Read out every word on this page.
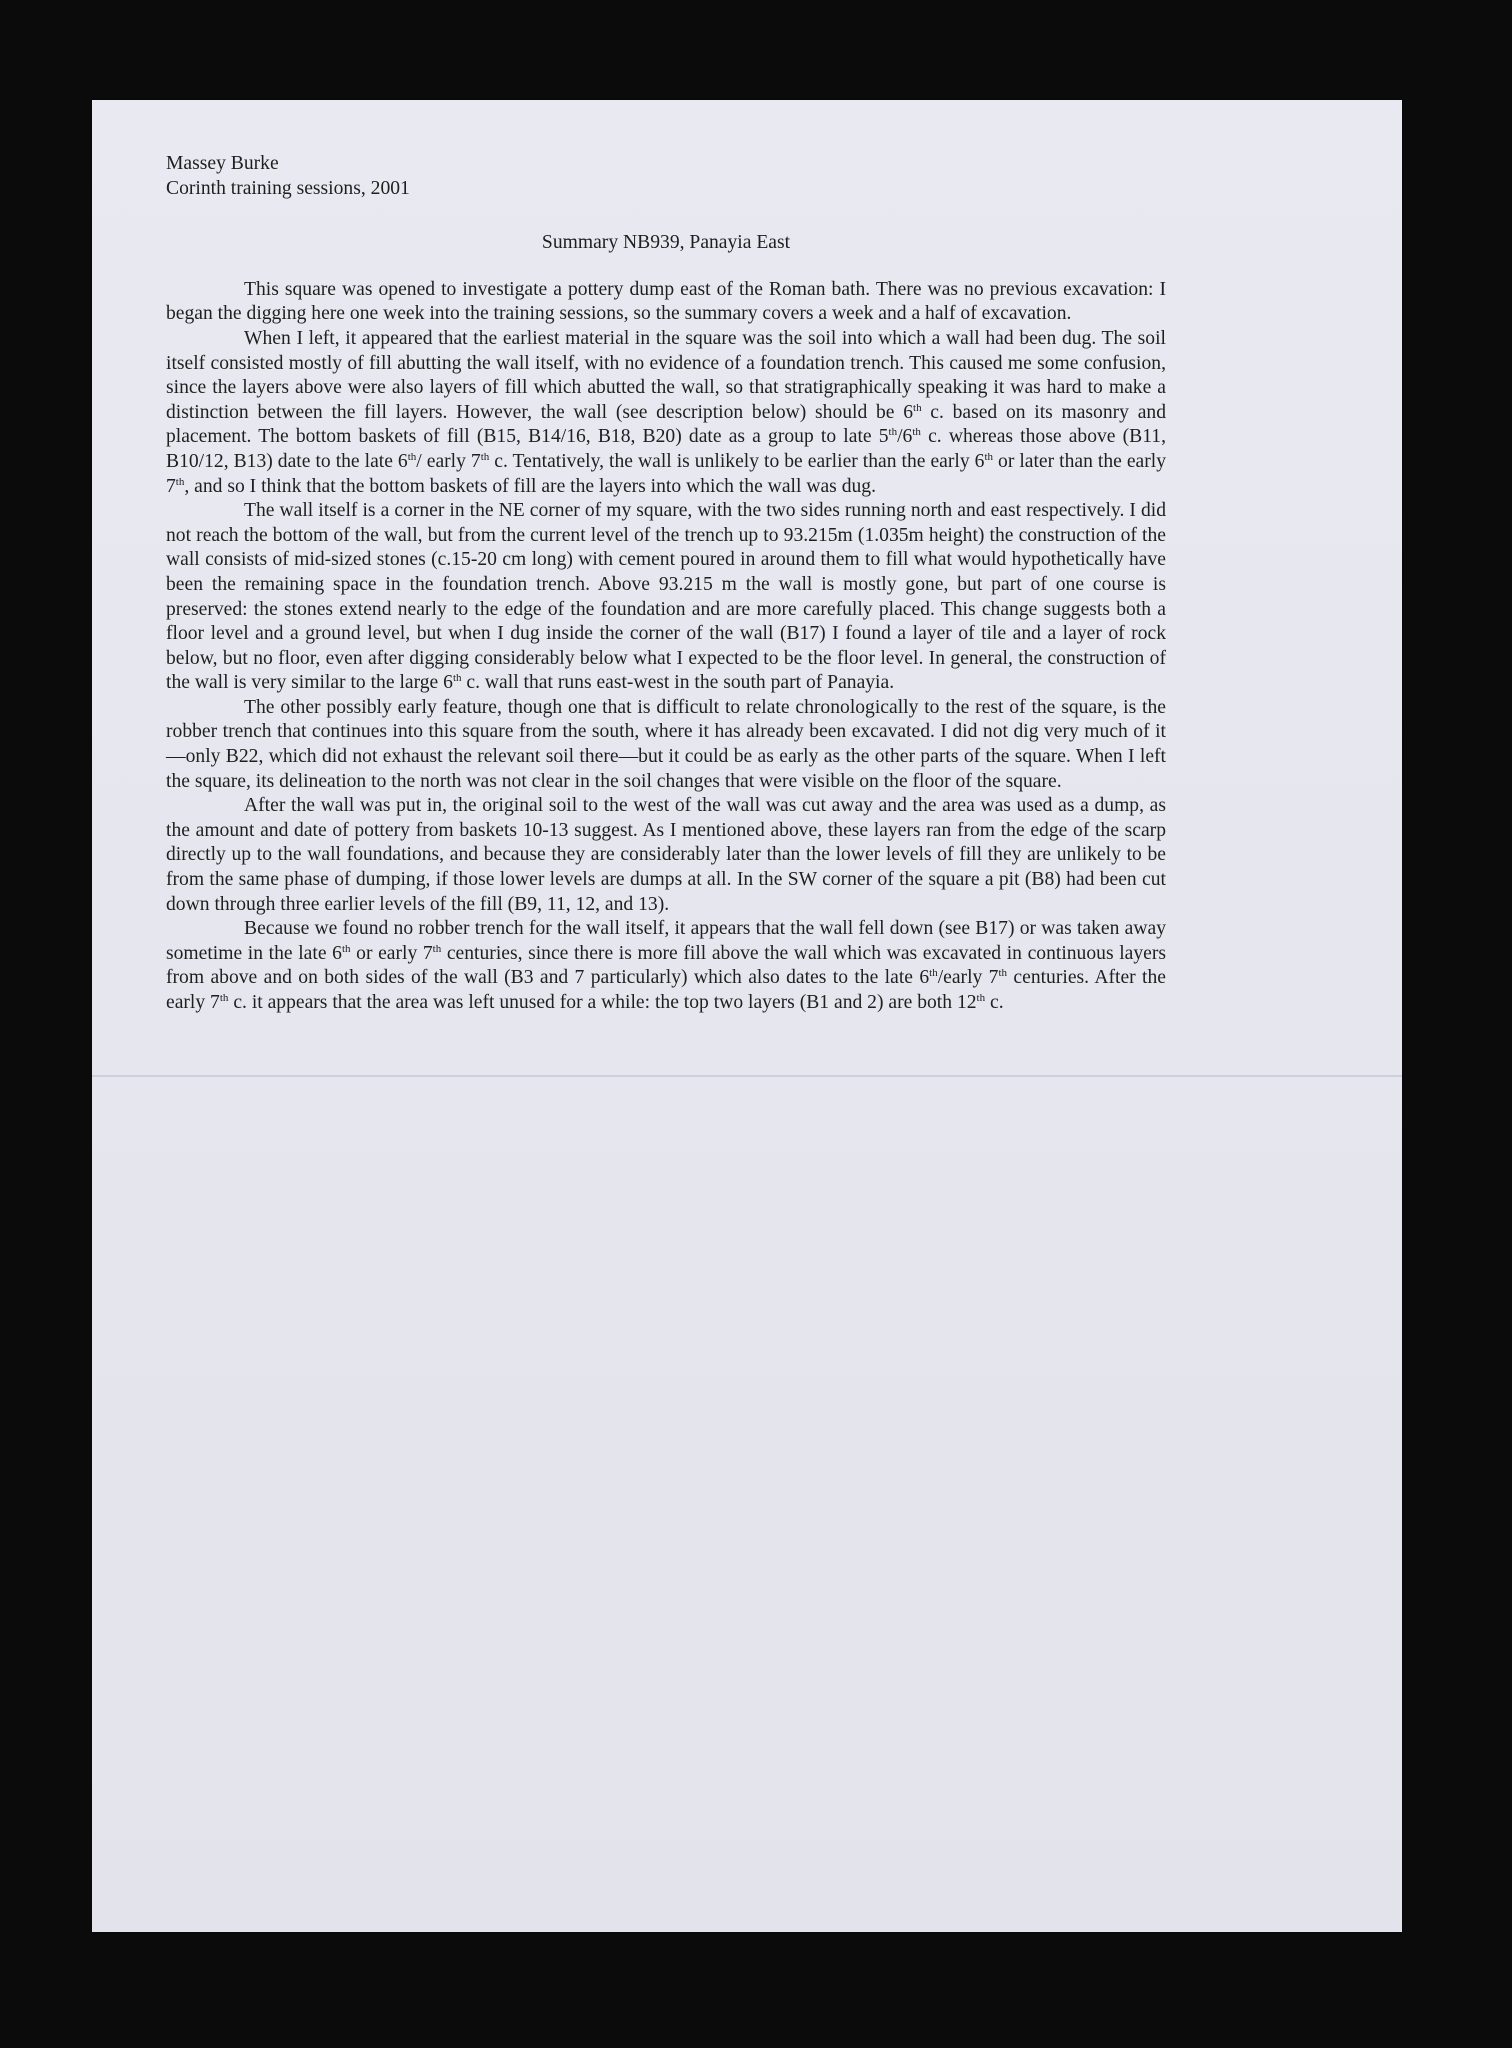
Massey Burke

Corinth training sessions, 2001

Summary NB939, Panayia East

This square was opened to investigate a pottery dump east of the Roman bath. There was no previous excavation: I began the digging here one week into the training sessions, so the summary covers a week and a half of excavation.

When I left, it appeared that the earliest material in the square was the soil into which a wall had been dug. The soil itself consisted mostly of fill abutting the wall itself, with no evidence of a foundation trench. This caused me some confusion, since the layers above were also layers of fill which abutted the wall, so that stratigraphically speaking it was hard to make a distinction between the fill layers. However, the wall (see description below) should be 6th c. based on its masonry and placement. The bottom baskets of fill (B15, B14/16, B18, B20) date as a group to late 5th/6th c. whereas those above (B11, B10/12, B13) date to the late 6th/ early 7th c. Tentatively, the wall is unlikely to be earlier than the early 6th or later than the early 7th, and so I think that the bottom baskets of fill are the layers into which the wall was dug.

The wall itself is a corner in the NE corner of my square, with the two sides running north and east respectively. I did not reach the bottom of the wall, but from the current level of the trench up to 93.215m (1.035m height) the construction of the wall consists of mid-sized stones (c.15-20 cm long) with cement poured in around them to fill what would hypothetically have been the remaining space in the foundation trench. Above 93.215 m the wall is mostly gone, but part of one course is preserved: the stones extend nearly to the edge of the foundation and are more carefully placed. This change suggests both a floor level and a ground level, but when I dug inside the corner of the wall (B17) I found a layer of tile and a layer of rock below, but no floor, even after digging considerably below what I expected to be the floor level. In general, the construction of the wall is very similar to the large 6th c. wall that runs east-west in the south part of Panayia.

The other possibly early feature, though one that is difficult to relate chronologically to the rest of the square, is the robber trench that continues into this square from the south, where it has already been excavated. I did not dig very much of it—only B22, which did not exhaust the relevant soil there—but it could be as early as the other parts of the square. When I left the square, its delineation to the north was not clear in the soil changes that were visible on the floor of the square.

After the wall was put in, the original soil to the west of the wall was cut away and the area was used as a dump, as the amount and date of pottery from baskets 10-13 suggest. As I mentioned above, these layers ran from the edge of the scarp directly up to the wall foundations, and because they are considerably later than the lower levels of fill they are unlikely to be from the same phase of dumping, if those lower levels are dumps at all. In the SW corner of the square a pit (B8) had been cut down through three earlier levels of the fill (B9, 11, 12, and 13).

Because we found no robber trench for the wall itself, it appears that the wall fell down (see B17) or was taken away sometime in the late 6th or early 7th centuries, since there is more fill above the wall which was excavated in continuous layers from above and on both sides of the wall (B3 and 7 particularly) which also dates to the late 6th/early 7th centuries. After the early 7th c. it appears that the area was left unused for a while: the top two layers (B1 and 2) are both 12th c.
